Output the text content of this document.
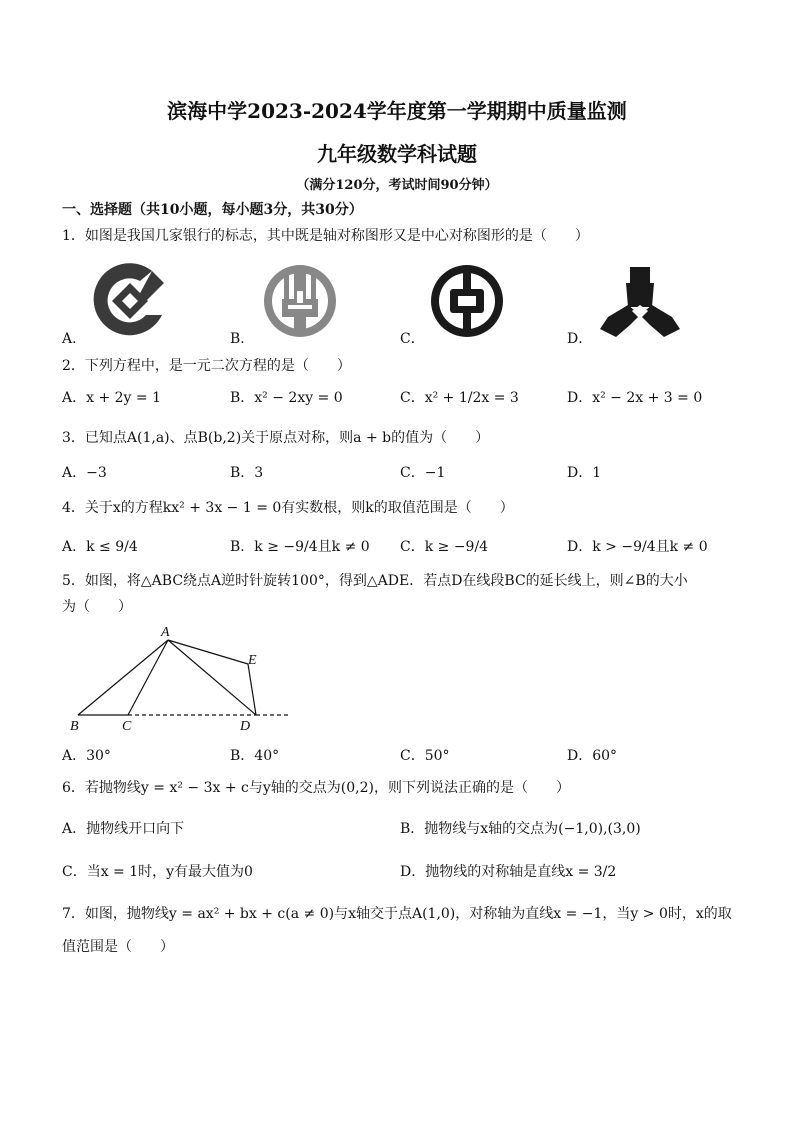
滨海中学2023-2024学年度第一学期期中质量监测
九年级数学科试题
（满分120分，考试时间90分钟）
一、选择题（共10小题，每小题3分，共30分）
1．如图是我国几家银行的标志，其中既是轴对称图形又是中心对称图形的是（　　）
A．	B．	C．	D．
2．下列方程中，是一元二次方程的是（　　）
A．x + 2y = 1	B．x² − 2xy = 0	C．x² + 1/2x = 3	D．x² − 2x + 3 = 0
3．已知点A(1,a)、点B(b,2)关于原点对称，则a + b的值为（　　）
A．−3	B．3	C．−1	D．1
4．关于x的方程kx² + 3x − 1 = 0有实数根，则k的取值范围是（　　）
A．k ≤ 9/4	B．k ≥ −9/4且k ≠ 0 C．k ≥ −9/4	D．k > −9/4且k ≠ 0
5．如图，将△ABC绕点A逆时针旋转100°，得到△ADE．若点D在线段BC的延长线上，则∠B的大小
为（　　）
A
B	C	D
E
A．30°	B．40°	C．50°	D．60°
6．若抛物线y = x² − 3x + c与y轴的交点为(0,2)，则下列说法正确的是（　　）
A．抛物线开口向下	B．抛物线与x轴的交点为(−1,0),(3,0)
C．当x = 1时，y有最大值为0	D．抛物线的对称轴是直线x = 3/2
7．如图，抛物线y = ax² + bx + c(a ≠ 0)与x轴交于点A(1,0)，对称轴为直线x = −1，当y > 0时，x的取
值范围是（　　）
